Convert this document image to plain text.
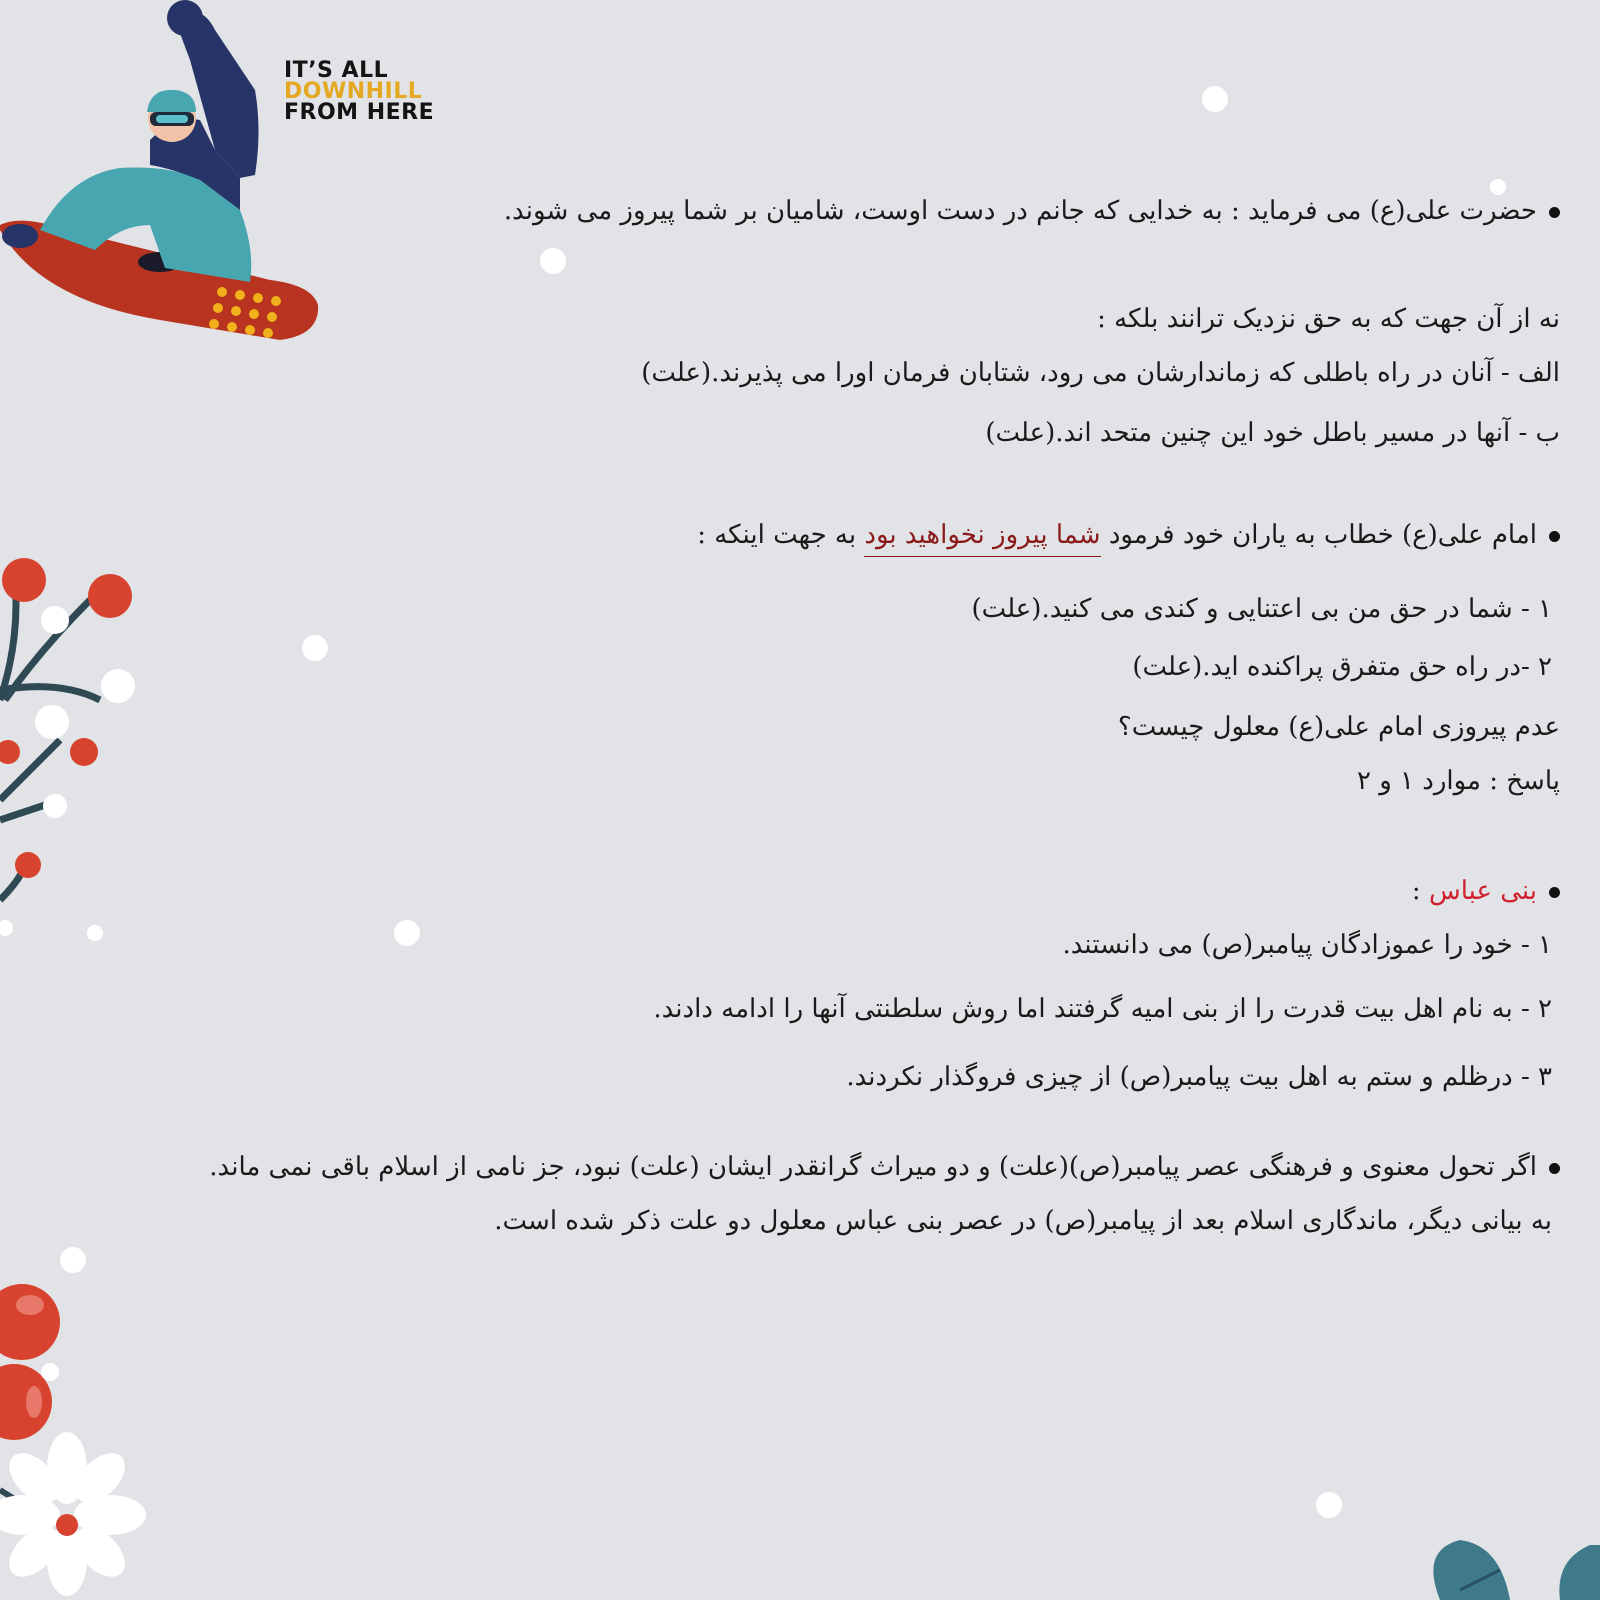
IT’S ALL
DOWNHILL
FROM HERE
حضرت علی(ع) می فرماید : به خدایی که جانم در دست اوست، شامیان بر شما پیروز می شوند.
نه از آن جهت که به حق نزدیک ترانند بلکه :
الف - آنان در راه باطلی که زماندارشان می رود، شتابان فرمان اورا می پذیرند.(علت)
ب - آنها در مسیر باطل خود این چنین متحد اند.(علت)
امام علی(ع) خطاب به یاران خود فرمود شما پیروز نخواهید بود به جهت اینکه :
۱ - شما در حق من بی اعتنایی و کندی می کنید.(علت)
۲ -در راه حق متفرق پراکنده اید.(علت)
عدم پیروزی امام علی(ع) معلول چیست؟
پاسخ : موارد ۱ و ۲
بنی عباس :
۱ - خود را عموزادگان پیامبر(ص) می دانستند.
۲ - به نام اهل بیت قدرت را از بنی امیه گرفتند اما روش سلطنتی آنها را ادامه دادند.
۳ - درظلم و ستم به اهل بیت پیامبر(ص) از چیزی فروگذار نکردند.
اگر تحول معنوی و فرهنگی عصر پیامبر(ص)(علت) و دو میراث گرانقدر ایشان (علت) نبود، جز نامی از اسلام باقی نمی ماند.
به بیانی دیگر، ماندگاری اسلام بعد از پیامبر(ص) در عصر بنی عباس معلول دو علت ذکر شده است.
